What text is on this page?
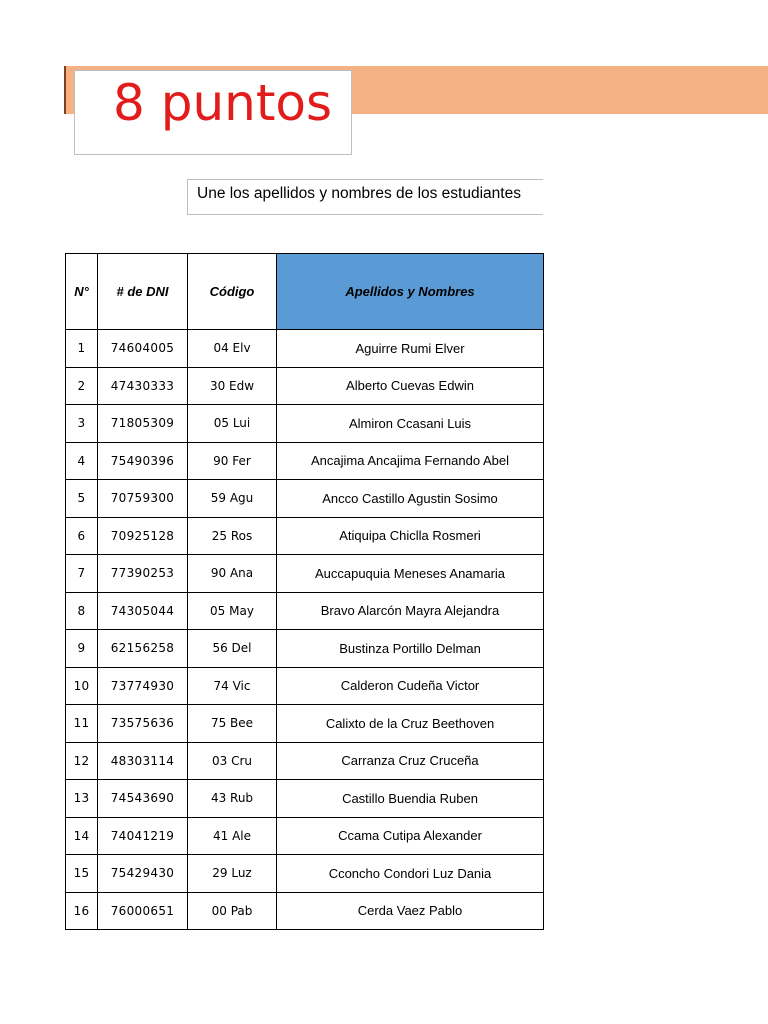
8 puntos
Une los apellidos y nombres de los estudiantes
N°	# de DNI	Código	Apellidos y Nombres
1	74604005	04 Elv	Aguirre Rumi Elver
2	47430333	30 Edw	Alberto Cuevas Edwin
3	71805309	05 Lui	Almiron Ccasani Luis
4	75490396	90 Fer	Ancajima Ancajima Fernando Abel
5	70759300	59 Agu	Ancco Castillo Agustin Sosimo
6	70925128	25 Ros	Atiquipa Chiclla Rosmeri
7	77390253	90 Ana	Auccapuquia Meneses Anamaria
8	74305044	05 May	Bravo Alarcón Mayra Alejandra
9	62156258	56 Del	Bustinza Portillo Delman
10	73774930	74 Vic	Calderon Cudeña Victor
11	73575636	75 Bee	Calixto de la Cruz Beethoven
12	48303114	03 Cru	Carranza Cruz Cruceña
13	74543690	43 Rub	Castillo Buendia Ruben
14	74041219	41 Ale	Ccama Cutipa Alexander
15	75429430	29 Luz	Cconcho Condori Luz Dania
16	76000651	00 Pab	Cerda Vaez Pablo
